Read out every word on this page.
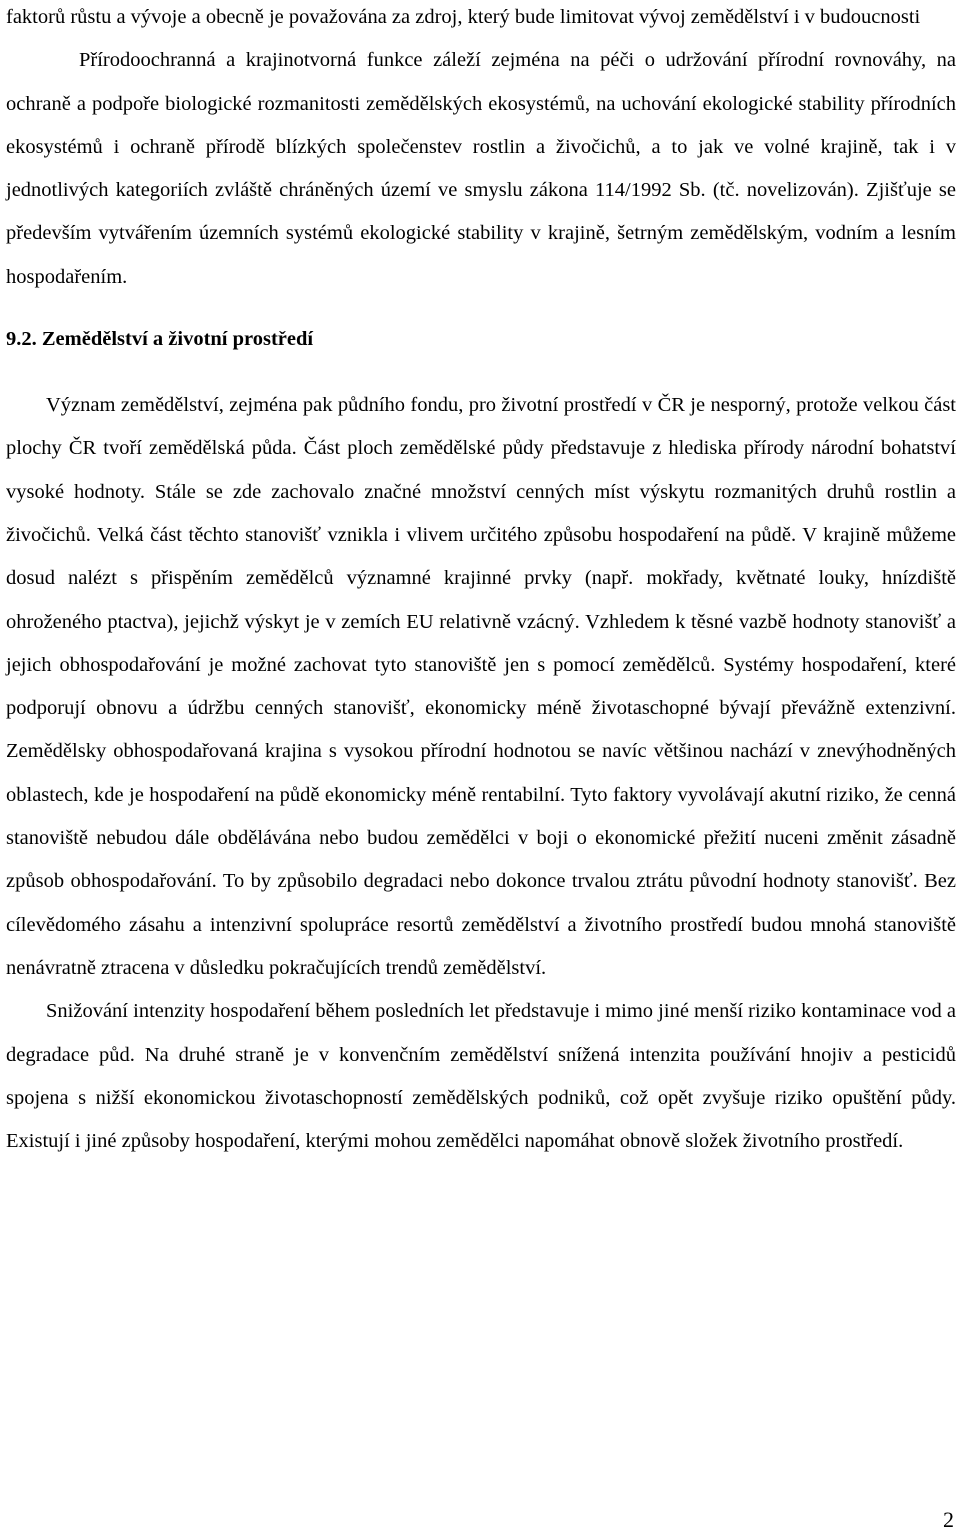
faktorů růstu a vývoje a obecně je považována za zdroj, který bude limitovat vývoj zemědělství i v budoucnosti

Přírodoochranná a krajinotvorná funkce záleží zejména na péči o udržování přírodní rovnováhy, na ochraně a podpoře biologické rozmanitosti zemědělských ekosystémů, na uchování ekologické stability přírodních ekosystémů i ochraně přírodě blízkých společenstev rostlin a živočichů, a to jak ve volné krajině, tak i v jednotlivých kategoriích zvláště chráněných území ve smyslu zákona 114/1992 Sb. (tč. novelizován). Zjišťuje se především vytvářením územních systémů ekologické stability v krajině, šetrným zemědělským, vodním a lesním hospodařením.

9.2. Zemědělství a životní prostředí

Význam zemědělství, zejména pak půdního fondu, pro životní prostředí v ČR je nesporný, protože velkou část plochy ČR tvoří zemědělská půda. Část ploch zemědělské půdy představuje z hlediska přírody národní bohatství vysoké hodnoty. Stále se zde zachovalo značné množství cenných míst výskytu rozmanitých druhů rostlin a živočichů. Velká část těchto stanovišť vznikla i vlivem určitého způsobu hospodaření na půdě. V krajině můžeme dosud nalézt s přispěním zemědělců významné krajinné prvky (např. mokřady, květnaté louky, hnízdiště ohroženého ptactva), jejichž výskyt je v zemích EU relativně vzácný. Vzhledem k těsné vazbě hodnoty stanovišť a jejich obhospodařování je možné zachovat tyto stanoviště jen s pomocí zemědělců. Systémy hospodaření, které podporují obnovu a údržbu cenných stanovišť, ekonomicky méně životaschopné bývají převážně extenzivní. Zemědělsky obhospodařovaná krajina s vysokou přírodní hodnotou se navíc většinou nachází v znevýhodněných oblastech, kde je hospodaření na půdě ekonomicky méně rentabilní. Tyto faktory vyvolávají akutní riziko, že cenná stanoviště nebudou dále obdělávána nebo budou zemědělci v boji o ekonomické přežití nuceni změnit zásadně způsob obhospodařování. To by způsobilo degradaci nebo dokonce trvalou ztrátu původní hodnoty stanovišť. Bez cílevědomého zásahu a intenzivní spolupráce resortů zemědělství a životního prostředí budou mnohá stanoviště nenávratně ztracena v důsledku pokračujících trendů zemědělství.

Snižování intenzity hospodaření během posledních let představuje i mimo jiné menší riziko kontaminace vod a degradace půd. Na druhé straně je v konvenčním zemědělství snížená intenzita používání hnojiv a pesticidů spojena s nižší ekonomickou životaschopností zemědělských podniků, což opět zvyšuje riziko opuštění půdy. Existují i jiné způsoby hospodaření, kterými mohou zemědělci napomáhat obnově složek životního prostředí.

2
